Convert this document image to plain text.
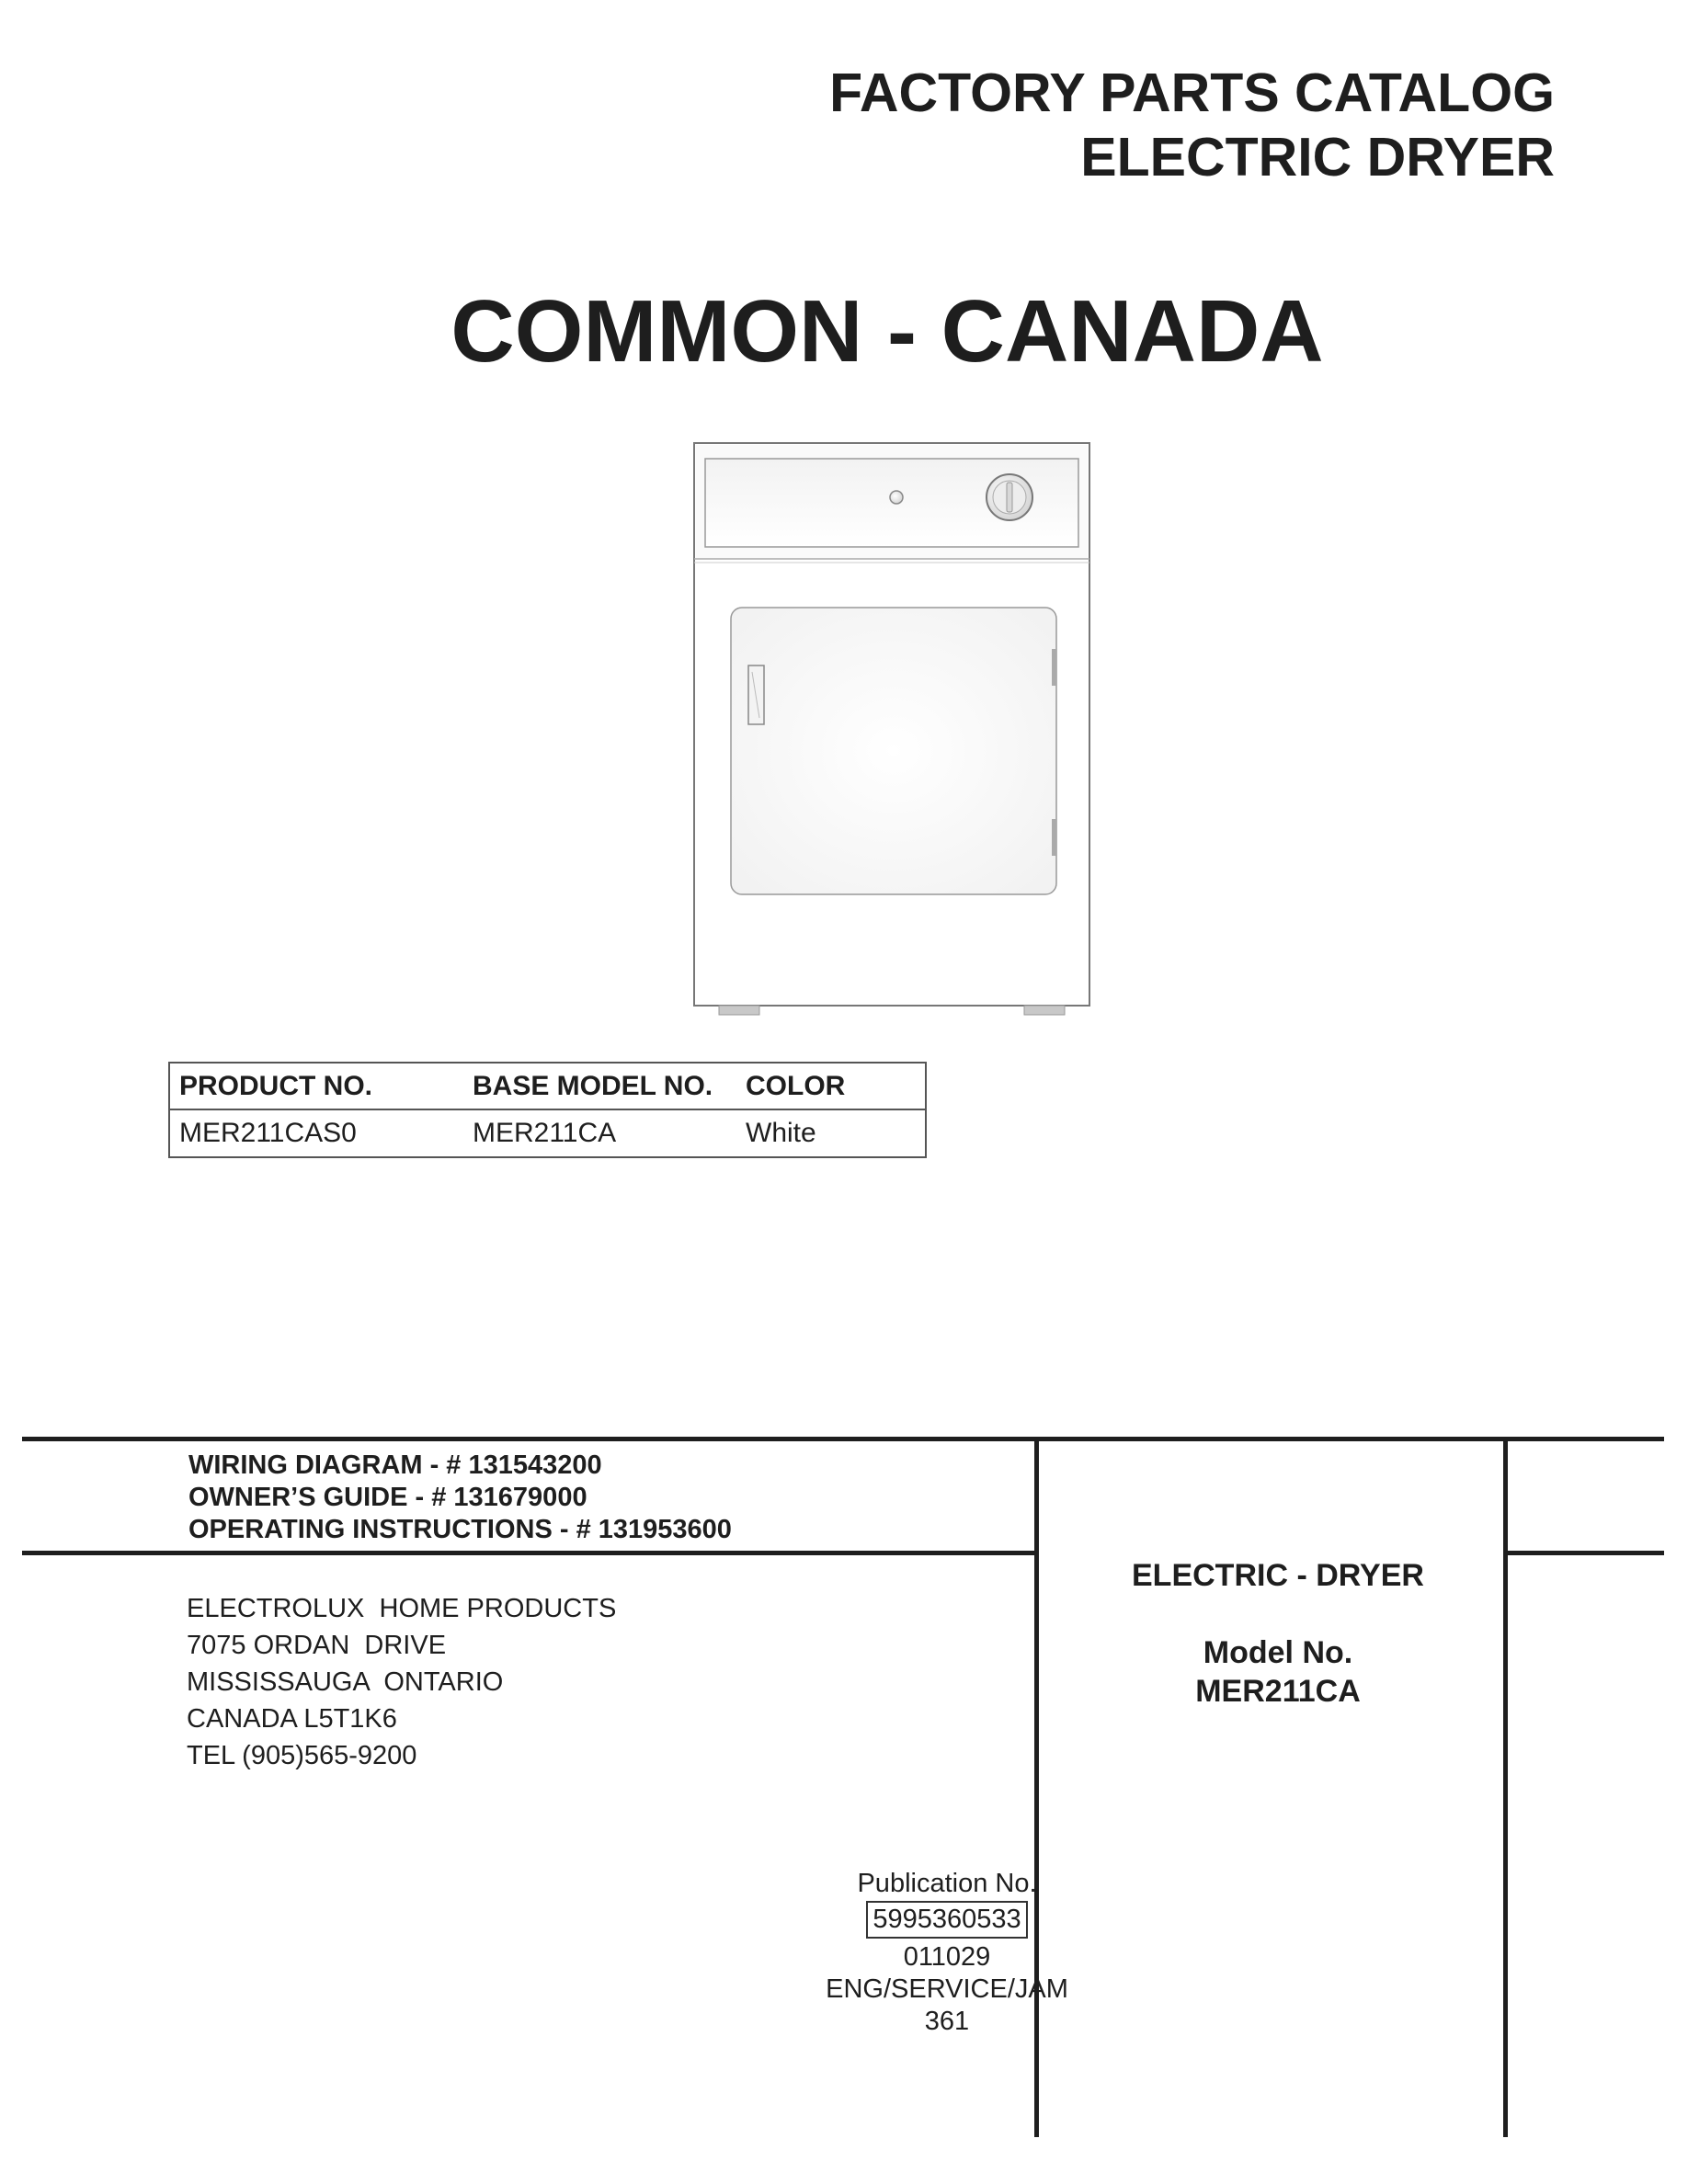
FACTORY PARTS CATALOG
ELECTRIC DRYER
COMMON - CANADA
PRODUCT NO.	BASE MODEL NO.	COLOR
MER211CAS0	MER211CA	White
WIRING DIAGRAM - # 131543200
OWNER’S GUIDE - # 131679000
OPERATING INSTRUCTIONS - # 131953600
ELECTROLUX  HOME PRODUCTS
7075 ORDAN  DRIVE
MISSISSAUGA  ONTARIO
CANADA L5T1K6
TEL (905)565-9200
ELECTRIC - DRYER
Model No.
MER211CA
Publication No.
5995360533
011029
ENG/SERVICE/JAM
361
